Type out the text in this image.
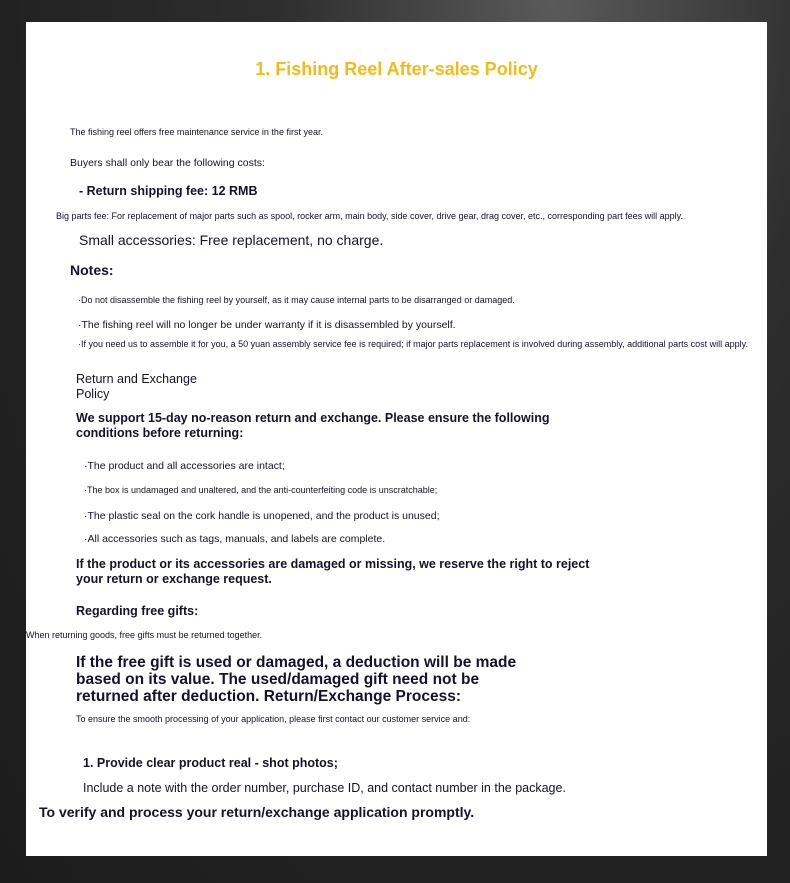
1. Fishing Reel After-sales Policy

The fishing reel offers free maintenance service in the first year.

Buyers shall only bear the following costs:

- Return shipping fee: 12 RMB

Big parts fee: For replacement of major parts such as spool, rocker arm, main body, side cover, drive gear, drag cover, etc., corresponding part fees will apply.

Small accessories: Free replacement, no charge.

Notes:

·Do not disassemble the fishing reel by yourself, as it may cause internal parts to be disarranged or damaged.

·The fishing reel will no longer be under warranty if it is disassembled by yourself.

·If you need us to assemble it for you, a 50 yuan assembly service fee is required; if major parts replacement is involved during assembly, additional parts cost will apply.

Return and Exchange Policy

We support 15-day no-reason return and exchange. Please ensure the following conditions before returning:

·The product and all accessories are intact;

·The box is undamaged and unaltered, and the anti-counterfeiting code is unscratchable;

·The plastic seal on the cork handle is unopened, and the product is unused;

·All accessories such as tags, manuals, and labels are complete.

If the product or its accessories are damaged or missing, we reserve the right to reject your return or exchange request.

Regarding free gifts:

When returning goods, free gifts must be returned together.

If the free gift is used or damaged, a deduction will be made based on its value. The used/damaged gift need not be returned after deduction. Return/Exchange Process:

To ensure the smooth processing of your application, please first contact our customer service and:

1. Provide clear product real - shot photos;

Include a note with the order number, purchase ID, and contact number in the package.

To verify and process your return/exchange application promptly.
